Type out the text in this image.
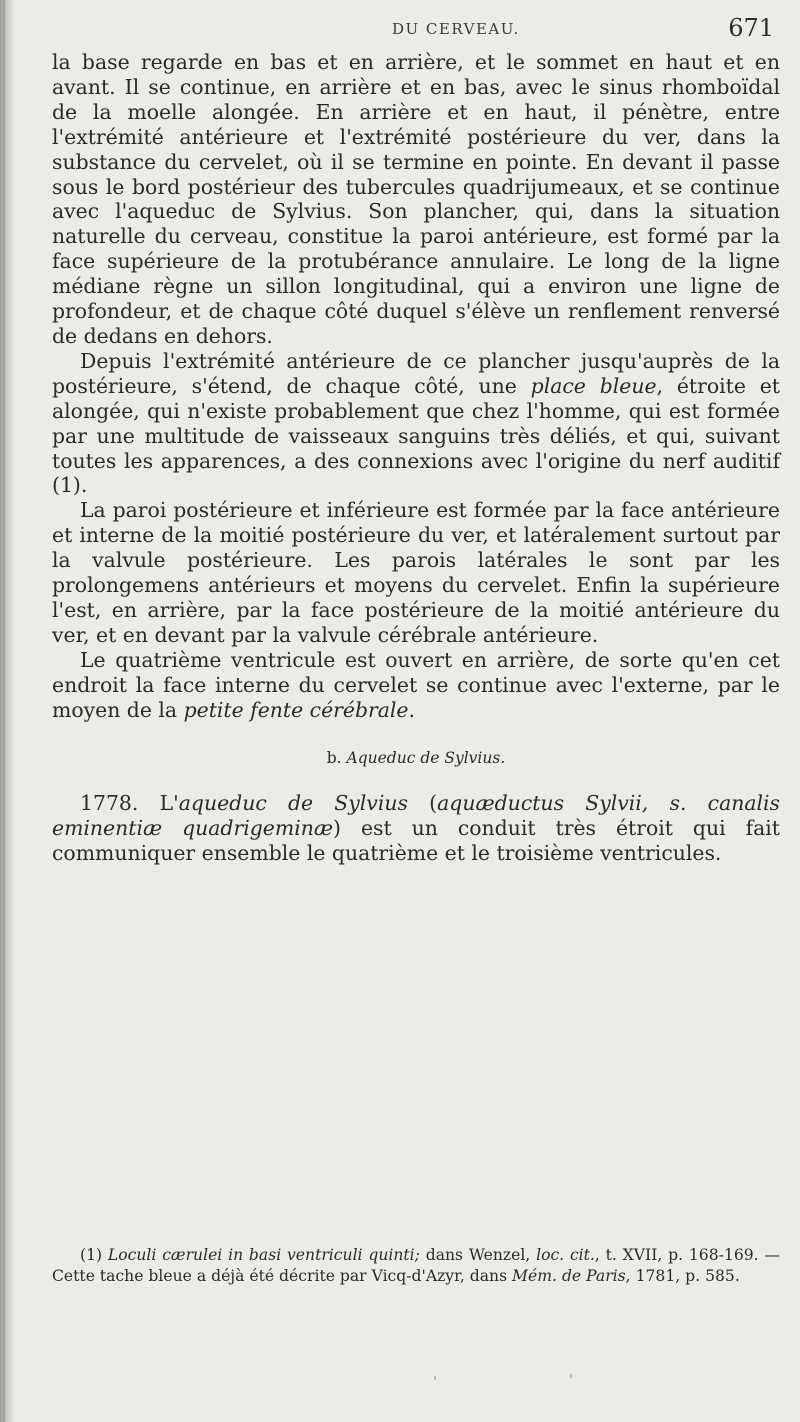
DU CERVEAU.	671

la base regarde en bas et en arrière, et le sommet en haut et en avant. Il se continue, en arrière et en bas, avec le sinus rhomboïdal de la moelle alongée. En arrière et en haut, il pénètre, entre l'extrémité antérieure et l'extrémité postérieure du ver, dans la substance du cervelet, où il se termine en pointe. En devant il passe sous le bord postérieur des tubercules quadrijumeaux, et se continue avec l'aqueduc de Sylvius. Son plancher, qui, dans la situation naturelle du cerveau, constitue la paroi antérieure, est formé par la face supérieure de la protubérance annulaire. Le long de la ligne médiane règne un sillon longitudinal, qui a environ une ligne de profondeur, et de chaque côté duquel s'élève un renflement renversé de dedans en dehors.

Depuis l'extrémité antérieure de ce plancher jusqu'auprès de la postérieure, s'étend, de chaque côté, une place bleue, étroite et alongée, qui n'existe probablement que chez l'homme, qui est formée par une multitude de vaisseaux sanguins très déliés, et qui, suivant toutes les apparences, a des connexions avec l'origine du nerf auditif (1).

La paroi postérieure et inférieure est formée par la face antérieure et interne de la moitié postérieure du ver, et latéralement surtout par la valvule postérieure. Les parois latérales le sont par les prolongemens antérieurs et moyens du cervelet. Enfin la supérieure l'est, en arrière, par la face postérieure de la moitié antérieure du ver, et en devant par la valvule cérébrale antérieure.

Le quatrième ventricule est ouvert en arrière, de sorte qu'en cet endroit la face interne du cervelet se continue avec l'externe, par le moyen de la petite fente cérébrale.

b. Aqueduc de Sylvius.

1778. L'aqueduc de Sylvius (aquæductus Sylvii, s. canalis eminentiæ quadrigeminæ) est un conduit très étroit qui fait communiquer ensemble le quatrième et le troisième ventricules.

(1) Loculi cærulei in basi ventriculi quinti; dans Wenzel, loc. cit., t. XVII, p. 168-169. — Cette tache bleue a déjà été décrite par Vicq-d'Azyr, dans Mém. de Paris, 1781, p. 585.
